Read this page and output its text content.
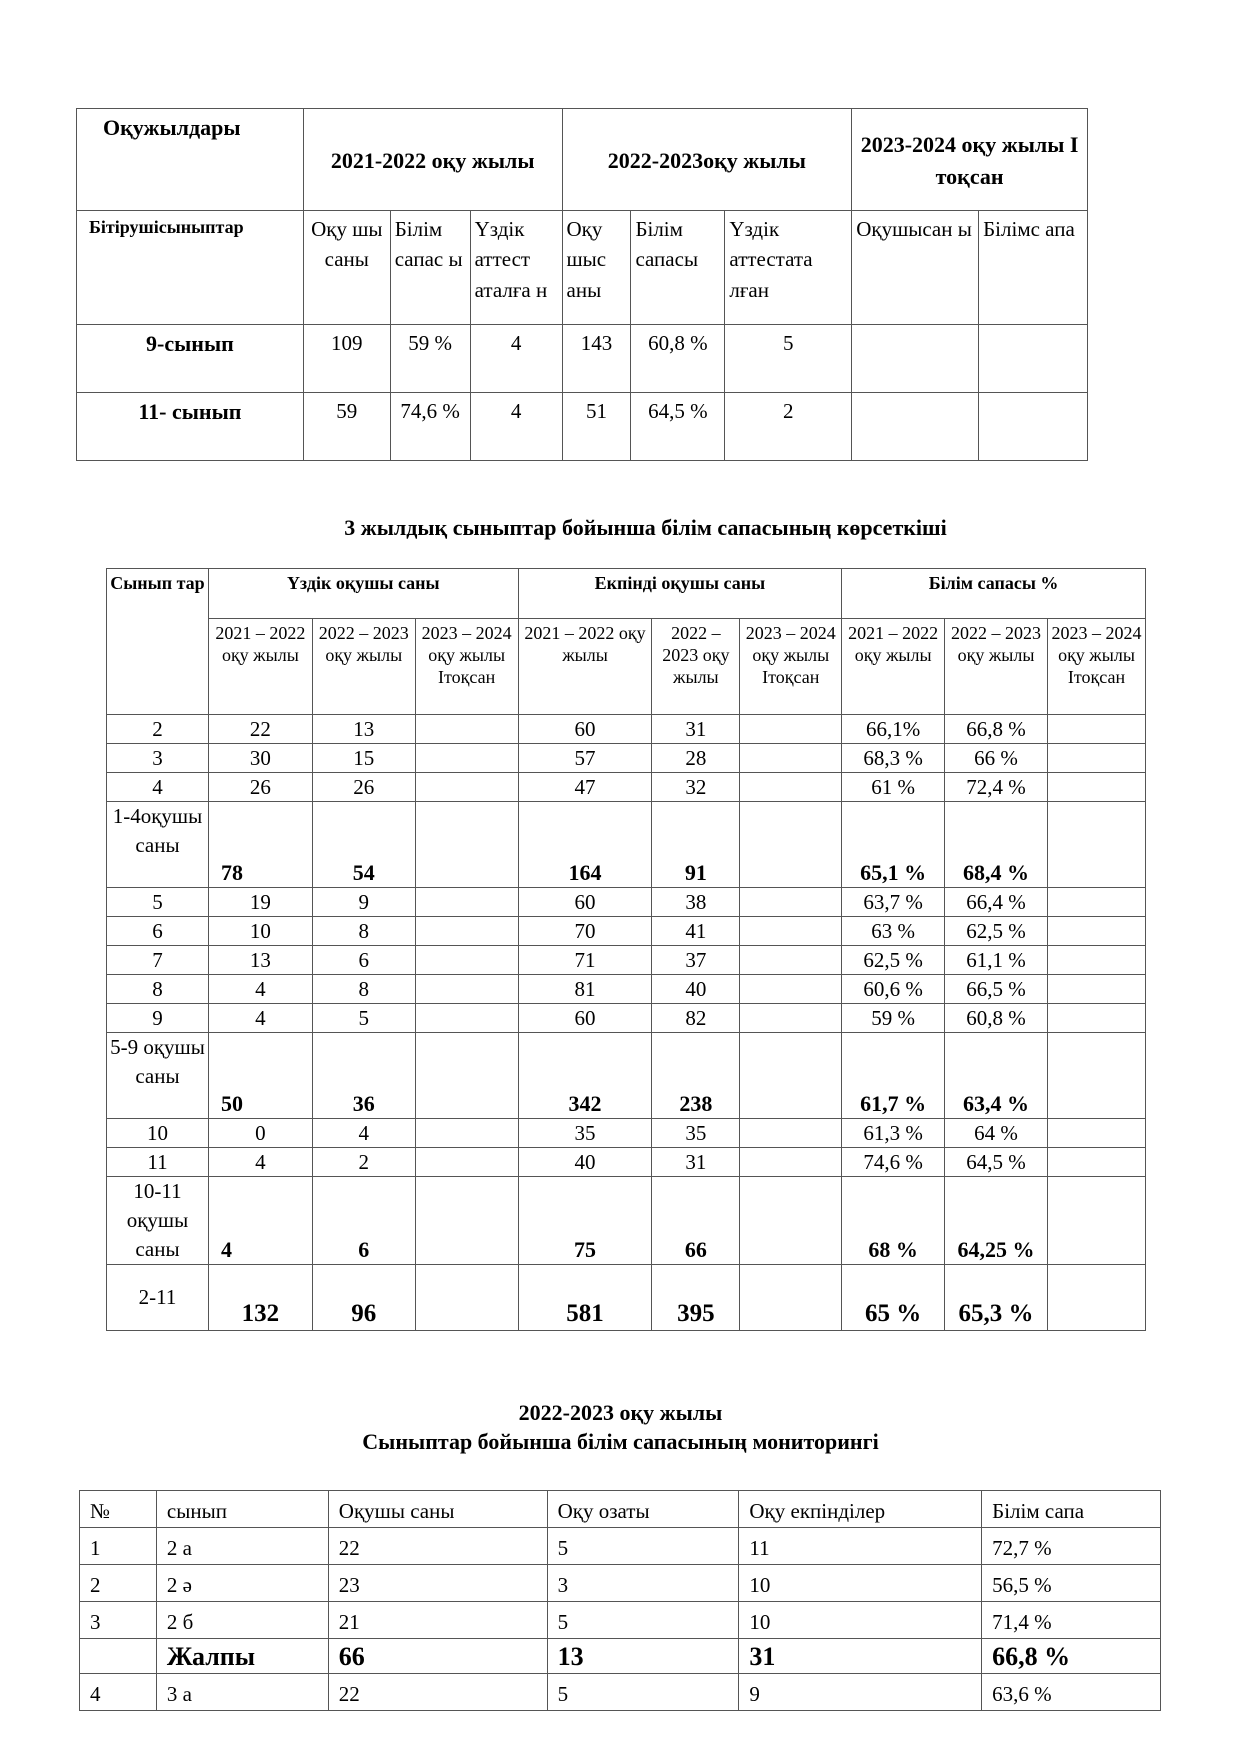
Оқужылдары	2021-2022 оқу жылы			2022-2023оқу жылы			2023-2024 оқу жылы І тоқсан	
Бітірушісыныптар	Оқу шы саны	Білім сапас ы	Үздік аттест аталға н	Оқу шыс аны	Білім сапасы	Үздік аттестата лған	Оқушысан ы	Білімс апа
9-сынып	109	59 %	4	143	60,8 %	5		
11- сынып	59	74,6 %	4	51	64,5 %	2		
3 жылдық сыныптар бойынша білім сапасының көрсеткіші
Сынып тар	Үздік оқушы саны			Екпінді оқушы саны			Білім сапасы %		
	2021 – 2022 оқу жылы	2022 – 2023 оқу жылы	2023 – 2024 оқу жылы Ітоқсан	2021 – 2022 оқу жылы	2022 – 2023 оқу жылы	2023 – 2024 оқу жылы Ітоқсан	2021 – 2022 оқу жылы	2022 – 2023 оқу жылы	2023 – 2024 оқу жылы Ітоқсан
2	22	13		60	31		66,1%	66,8 %	
3	30	15		57	28		68,3 %	66 %	
4	26	26		47	32		61 %	72,4 %	
1-4оқушы саны	78	54		164	91		65,1 %	68,4 %	
5	19	9		60	38		63,7 %	66,4 %	
6	10	8		70	41		63 %	62,5 %	
7	13	6		71	37		62,5 %	61,1 %	
8	4	8		81	40		60,6 %	66,5 %	
9	4	5		60	82		59 %	60,8 %	
5-9 оқушы саны	50	36		342	238		61,7 %	63,4 %	
10	0	4		35	35		61,3 %	64 %	
11	4	2		40	31		74,6 %	64,5 %	
10-11 оқушы саны	4	6		75	66		68 %	64,25 %	
2-11	132	96		581	395		65 %	65,3 %	
2022-2023 оқу жылы
Сыныптар бойынша білім сапасының мониторингі
№	сынып	Оқушы саны	Оқу озаты	Оқу екпінділер	Білім сапа
1	2 а	22	5	11	72,7 %
2	2 ә	23	3	10	56,5 %
3	2 б	21	5	10	71,4 %
	Жалпы	66	13	31	66,8 %
4	3 а	22	5	9	63,6 %
